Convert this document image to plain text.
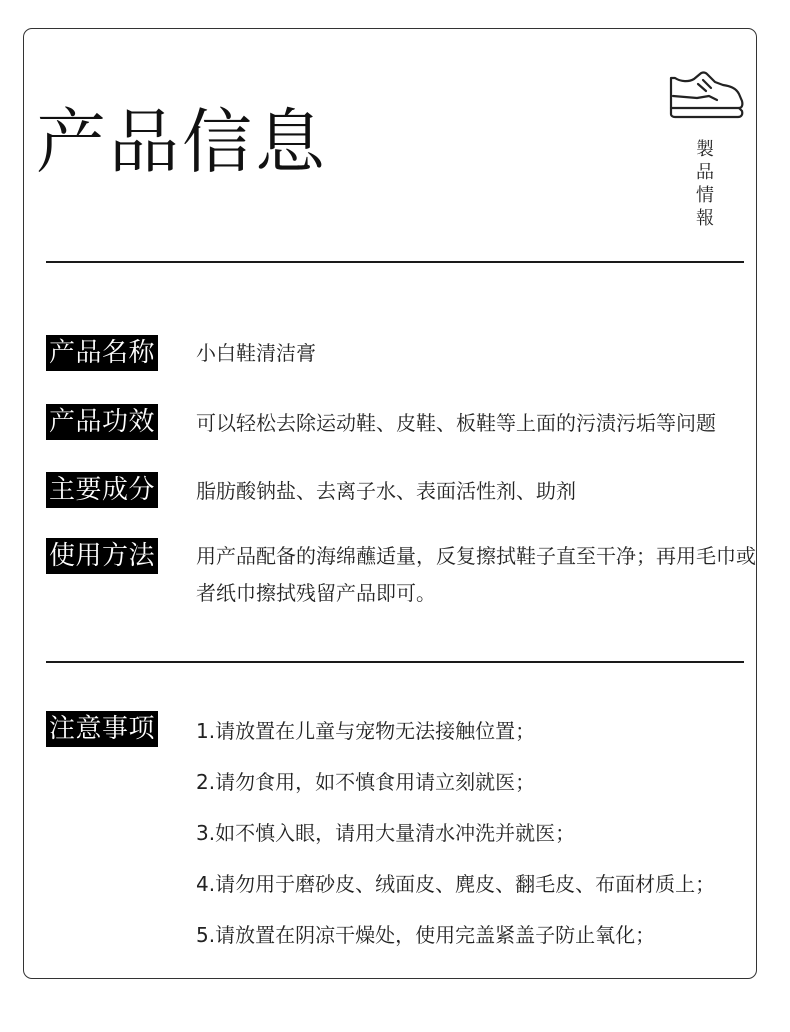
产品信息	製
品
情
報
产品名称 小白鞋清洁膏
产品功效 可以轻松去除运动鞋、皮鞋、板鞋等上面的污渍污垢等问题
主要成分 脂肪酸钠盐、去离子水、表面活性剂、助剂
使用方法 用产品配备的海绵蘸适量，反复擦拭鞋子直至干净；再用毛巾或者纸巾擦拭残留产品即可。
注意事项 1.请放置在儿童与宠物无法接触位置；
2.请勿食用，如不慎食用请立刻就医；
3.如不慎入眼，请用大量清水冲洗并就医；
4.请勿用于磨砂皮、绒面皮、麂皮、翻毛皮、布面材质上；
5.请放置在阴凉干燥处，使用完盖紧盖子防止氧化；
